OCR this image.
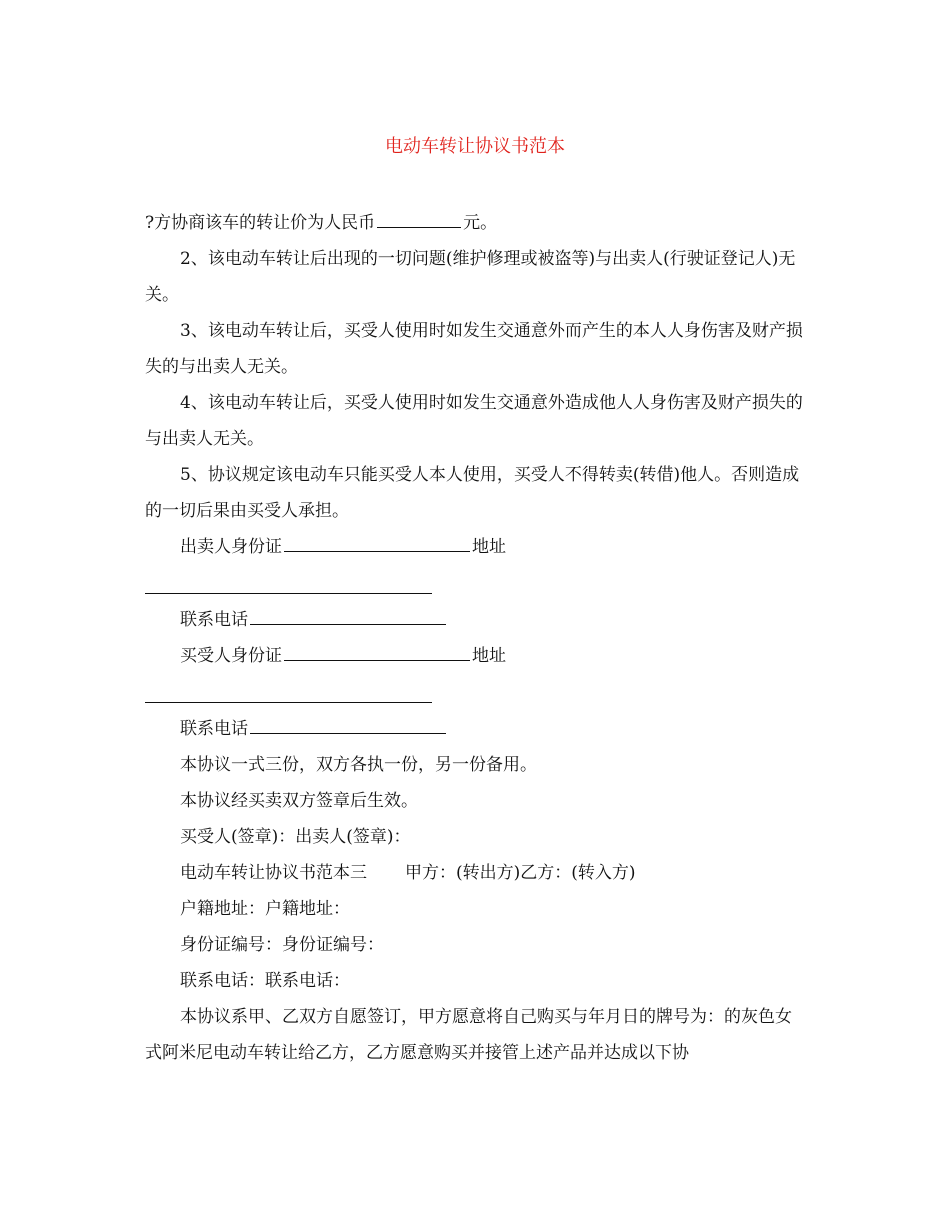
电动车转让协议书范本

?方协商该车的转让价为人民币	元。

2、该电动车转让后出现的一切问题(维护修理或被盗等)与出卖人(行驶证登记人)无关。

3、该电动车转让后，买受人使用时如发生交通意外而产生的本人人身伤害及财产损失的与出卖人无关。

4、该电动车转让后，买受人使用时如发生交通意外造成他人人身伤害及财产损失的与出卖人无关。

5、协议规定该电动车只能买受人本人使用，买受人不得转卖(转借)他人。否则造成的一切后果由买受人承担。

出卖人身份证	地址

联系电话

买受人身份证	地址

联系电话

本协议一式三份，双方各执一份，另一份备用。

本协议经买卖双方签章后生效。

买受人(签章)：出卖人(签章)：

电动车转让协议书范本三 甲方：(转出方)乙方：(转入方)

户籍地址：户籍地址：

身份证编号：身份证编号：

联系电话：联系电话：

本协议系甲、乙双方自愿签订，甲方愿意将自己购买与年月日的牌号为：的灰色女式阿米尼电动车转让给乙方，乙方愿意购买并接管上述产品并达成以下协
